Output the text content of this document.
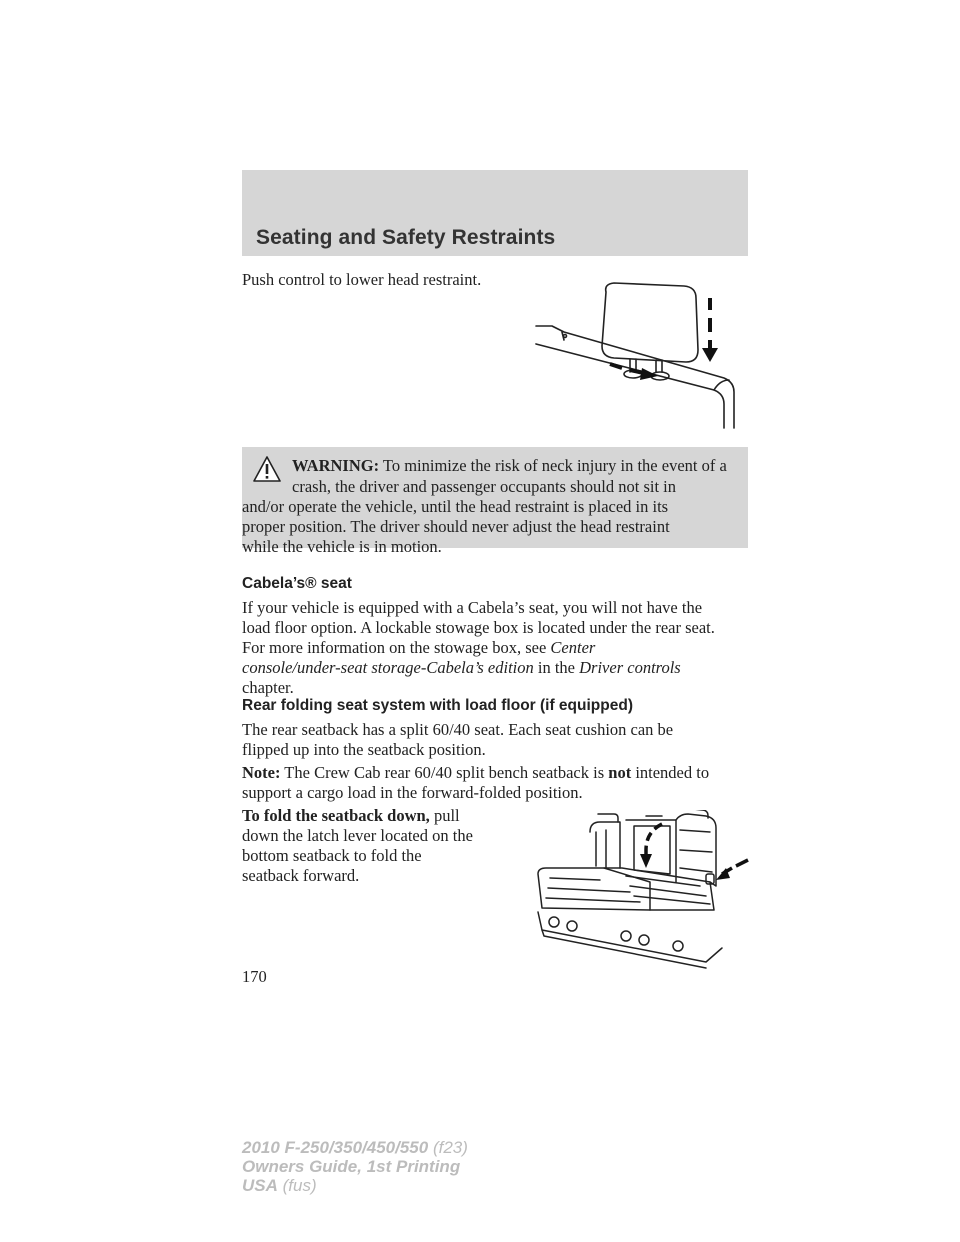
Seating and Safety Restraints
Push control to lower head restraint.
WARNING: To minimize the risk of neck injury in the event of a
crash, the driver and passenger occupants should not sit in
and/or operate the vehicle, until the head restraint is placed in its
proper position. The driver should never adjust the head restraint
while the vehicle is in motion.
Cabela’s® seat
If your vehicle is equipped with a Cabela’s seat, you will not have the
load floor option. A lockable stowage box is located under the rear seat.
For more information on the stowage box, see Center
console/under-seat storage-Cabela’s edition in the Driver controls
chapter.
Rear folding seat system with load floor (if equipped)
The rear seatback has a split 60/40 seat. Each seat cushion can be
flipped up into the seatback position.
Note: The Crew Cab rear 60/40 split bench seatback is not intended to
support a cargo load in the forward-folded position.
To fold the seatback down, pull
down the latch lever located on the
bottom seatback to fold the
seatback forward.
170
2010 F-250/350/450/550 (f23)
Owners Guide, 1st Printing
USA (fus)
